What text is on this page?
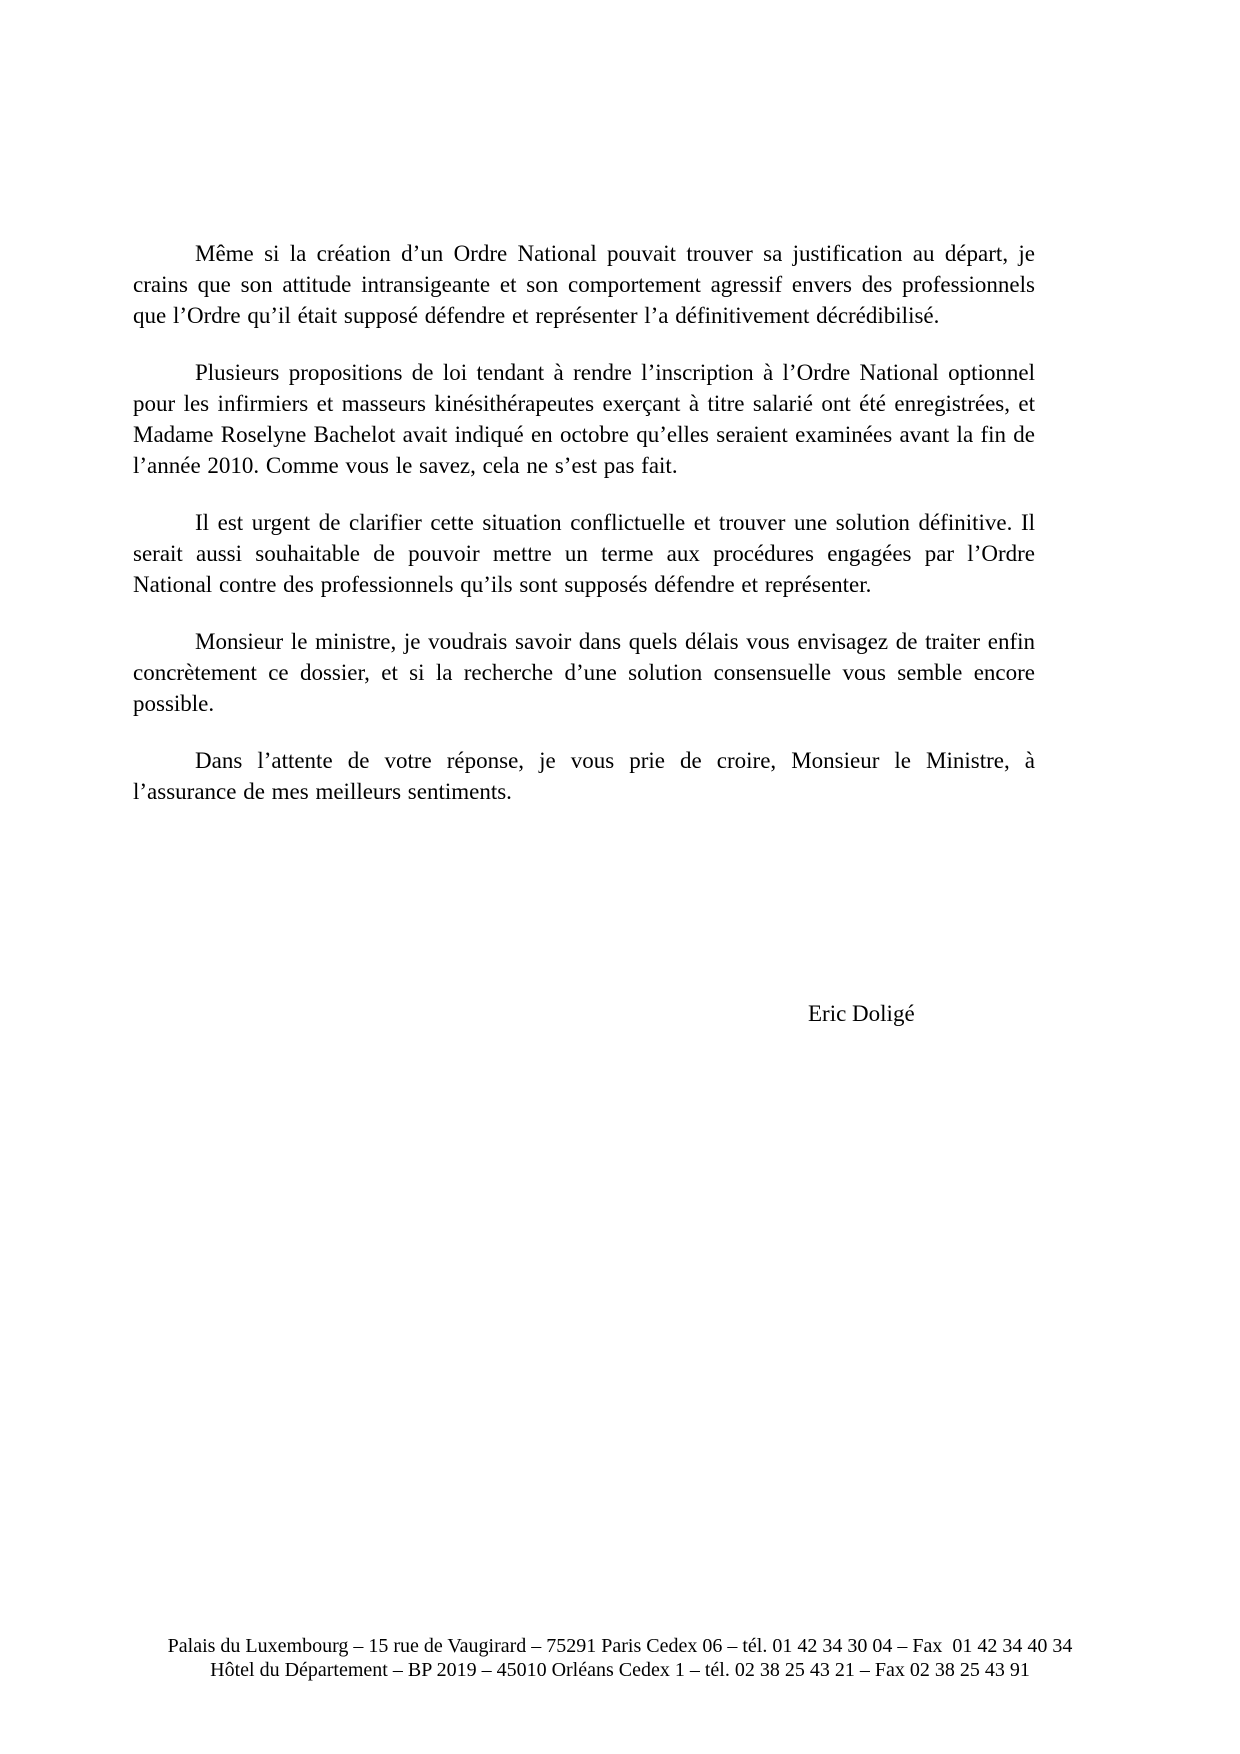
Même si la création d’un Ordre National pouvait trouver sa justification au départ, je crains que son attitude intransigeante et son comportement agressif envers des professionnels que l’Ordre qu’il était supposé défendre et représenter l’a définitivement décrédibilisé.

Plusieurs propositions de loi tendant à rendre l’inscription à l’Ordre National optionnel pour les infirmiers et masseurs kinésithérapeutes exerçant à titre salarié ont été enregistrées, et Madame Roselyne Bachelot avait indiqué en octobre qu’elles seraient examinées avant la fin de l’année 2010. Comme vous le savez, cela ne s’est pas fait.

Il est urgent de clarifier cette situation conflictuelle et trouver une solution définitive. Il serait aussi souhaitable de pouvoir mettre un terme aux procédures engagées par l’Ordre National contre des professionnels qu’ils sont supposés défendre et représenter.

Monsieur le ministre, je voudrais savoir dans quels délais vous envisagez de traiter enfin concrètement ce dossier, et si la recherche d’une solution consensuelle vous semble encore possible.

Dans l’attente de votre réponse, je vous prie de croire, Monsieur le Ministre, à l’assurance de mes meilleurs sentiments.

Eric Doligé
Palais du Luxembourg – 15 rue de Vaugirard – 75291 Paris Cedex 06 – tél. 01 42 34 30 04 – Fax  01 42 34 40 34
Hôtel du Département – BP 2019 – 45010 Orléans Cedex 1 – tél. 02 38 25 43 21 – Fax 02 38 25 43 91
